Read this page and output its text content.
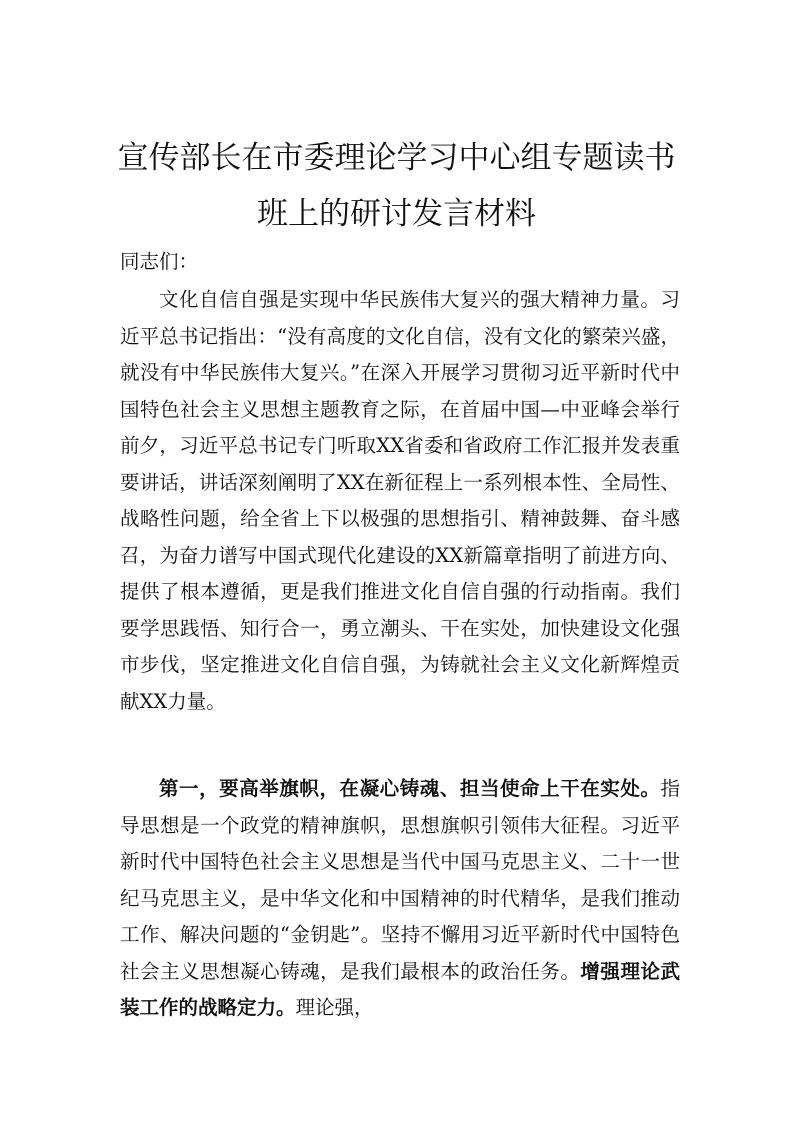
宣传部长在市委理论学习中心组专题读书
班上的研讨发言材料
同志们：

文化自信自强是实现中华民族伟大复兴的强大精神力量。习近平总书记指出：“没有高度的文化自信，没有文化的繁荣兴盛，就没有中华民族伟大复兴。”在深入开展学习贯彻习近平新时代中国特色社会主义思想主题教育之际，在首届中国—中亚峰会举行前夕，习近平总书记专门听取XX省委和省政府工作汇报并发表重要讲话，讲话深刻阐明了XX在新征程上一系列根本性、全局性、战略性问题，给全省上下以极强的思想指引、精神鼓舞、奋斗感召，为奋力谱写中国式现代化建设的XX新篇章指明了前进方向、提供了根本遵循，更是我们推进文化自信自强的行动指南。我们要学思践悟、知行合一，勇立潮头、干在实处，加快建设文化强市步伐，坚定推进文化自信自强，为铸就社会主义文化新辉煌贡献XX力量。

第一，要高举旗帜，在凝心铸魂、担当使命上干在实处。指导思想是一个政党的精神旗帜，思想旗帜引领伟大征程。习近平新时代中国特色社会主义思想是当代中国马克思主义、二十一世纪马克思主义，是中华文化和中国精神的时代精华，是我们推动工作、解决问题的“金钥匙”。坚持不懈用习近平新时代中国特色社会主义思想凝心铸魂，是我们最根本的政治任务。增强理论武装工作的战略定力。理论强，
